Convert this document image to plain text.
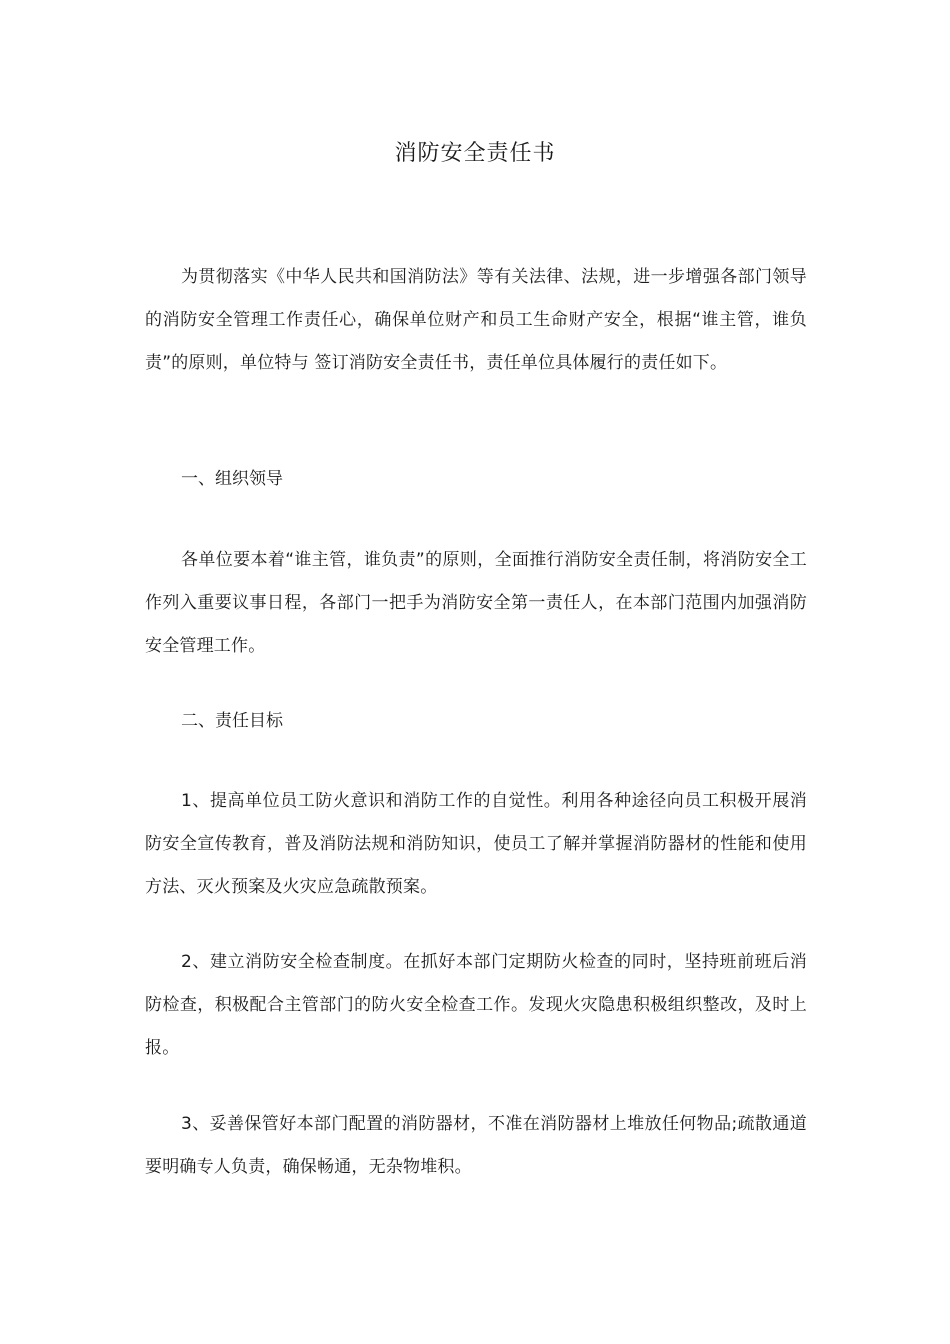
消防安全责任书

为贯彻落实《中华人民共和国消防法》等有关法律、法规，进一步增强各部门领导的消防安全管理工作责任心，确保单位财产和员工生命财产安全，根据“谁主管，谁负责”的原则，单位特与 签订消防安全责任书，责任单位具体履行的责任如下。

一、组织领导

各单位要本着“谁主管，谁负责”的原则，全面推行消防安全责任制，将消防安全工作列入重要议事日程，各部门一把手为消防安全第一责任人，在本部门范围内加强消防安全管理工作。

二、责任目标

1、提高单位员工防火意识和消防工作的自觉性。利用各种途径向员工积极开展消防安全宣传教育，普及消防法规和消防知识，使员工了解并掌握消防器材的性能和使用方法、灭火预案及火灾应急疏散预案。

2、建立消防安全检查制度。在抓好本部门定期防火检查的同时，坚持班前班后消防检查，积极配合主管部门的防火安全检查工作。发现火灾隐患积极组织整改，及时上报。

3、妥善保管好本部门配置的消防器材，不准在消防器材上堆放任何物品;疏散通道要明确专人负责，确保畅通，无杂物堆积。
